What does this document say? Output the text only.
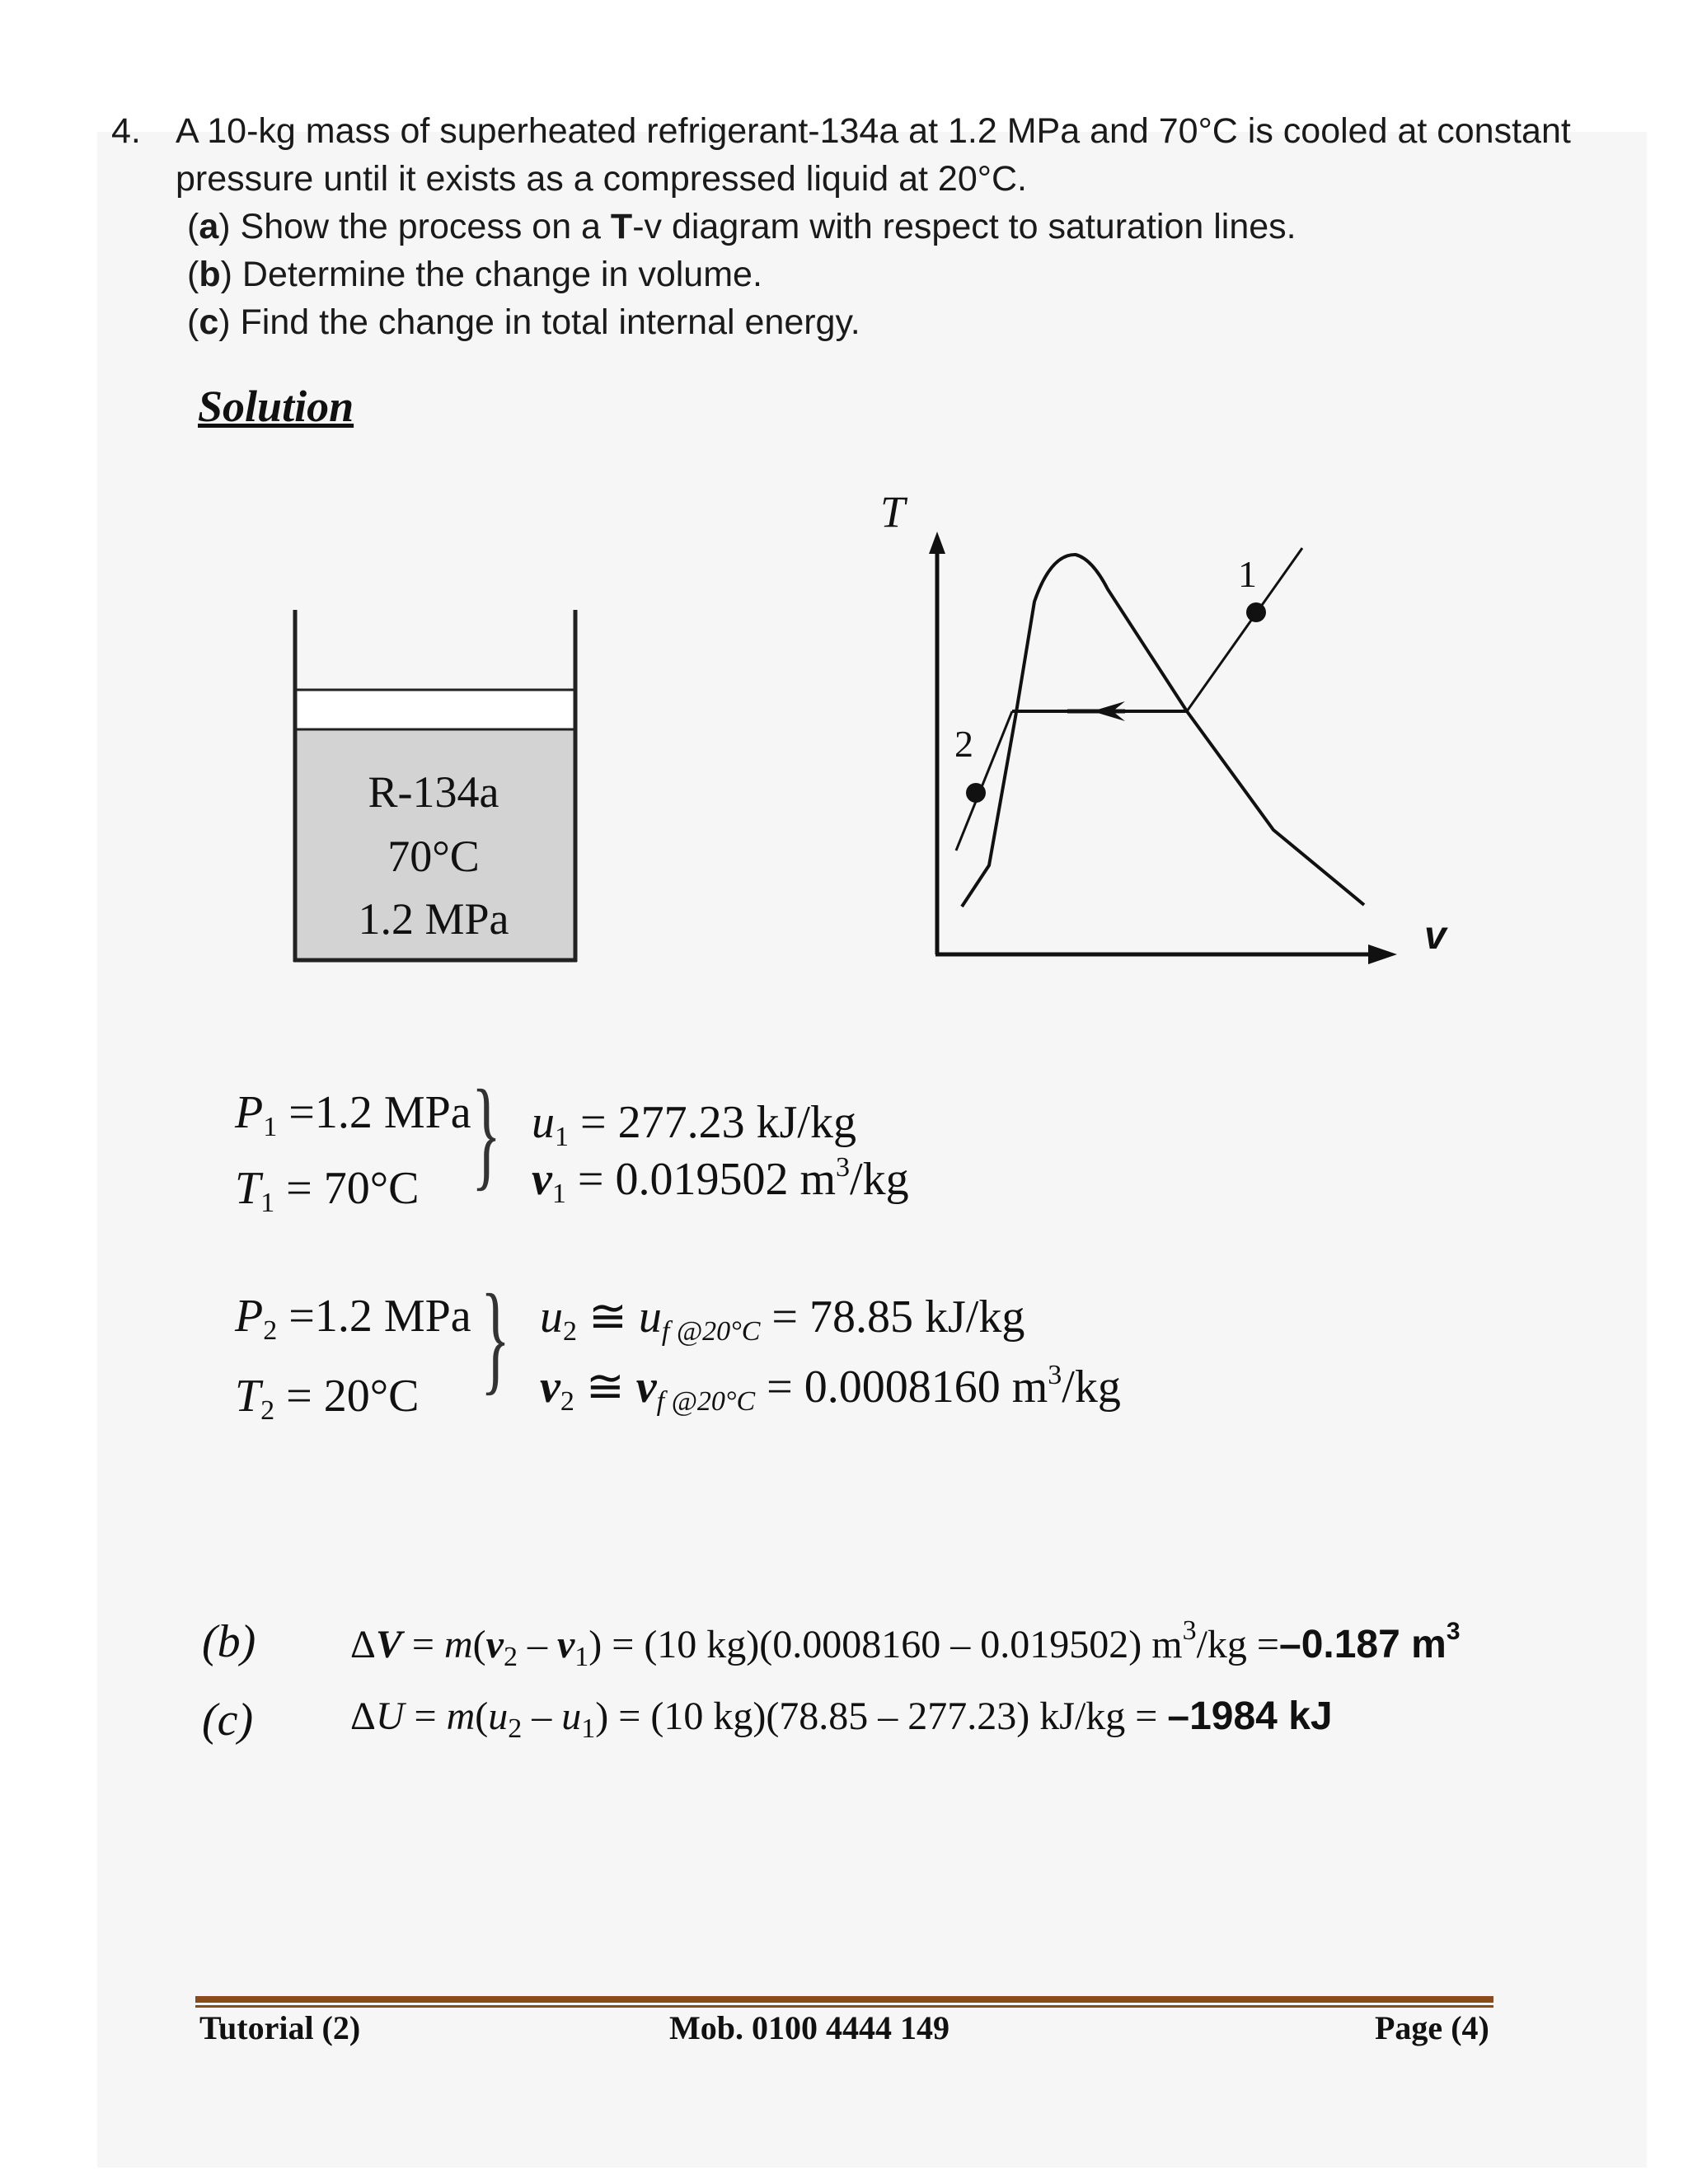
4. A 10-kg mass of superheated refrigerant-134a at 1.2 MPa and 70°C is cooled at constant pressure until it exists as a compressed liquid at 20°C.
(a) Show the process on a T-v diagram with respect to saturation lines.
(b) Determine the change in volume.
(c) Find the change in total internal energy.
Solution
R-134a
70°C
1.2 MPa
T
v
1
2
$P_1 =1.2$ MPa
$T_1 = 70^\circ C$ } $u_1 = 277.23$ kJ/kg
$v_1 = 0.019502$ $m^3/kg$
$P_2 =1.2$ MPa
$T_2 = 20^\circ C$ } $u_2$ ≅ $u_{f @20^\circ C} = 78.85$ kJ/kg
$v_2$ ≅ $v_{f @20^\circ C} = 0.0008160$ $m^3/kg$
(b) $\Delta V = m(v_2 - v_1) = (10$ kg)(0.0008160 – 0.019502) $m^3/kg =-0.187$ $m^3$
(c) $\Delta U = m(u_2 - u_1) = (10$ kg)(78.85 – 277.23) kJ/kg = –1984 kJ
Tutorial (2)	Mob. 0100 4444 149	Page (4)
